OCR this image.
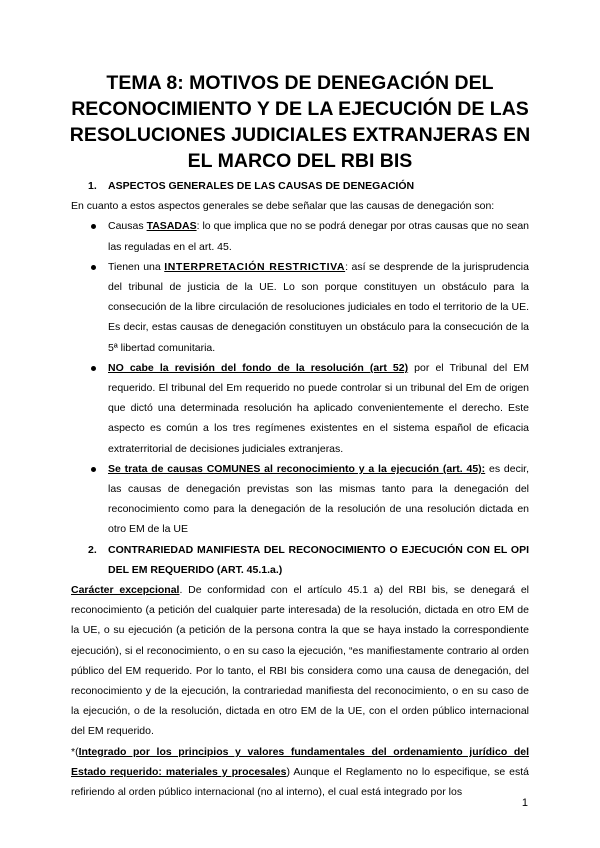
TEMA 8: MOTIVOS DE DENEGACIÓN DEL RECONOCIMIENTO Y DE LA EJECUCIÓN DE LAS RESOLUCIONES JUDICIALES EXTRANJERAS EN EL MARCO DEL RBI BIS

1.	ASPECTOS GENERALES DE LAS CAUSAS DE DENEGACIÓN

En cuanto a estos aspectos generales se debe señalar que las causas de denegación son:

Causas TASADAS: lo que implica que no se podrá denegar por otras causas que no sean las reguladas en el art. 45.
Tienen una INTERPRETACIÓN RESTRICTIVA: así se desprende de la jurisprudencia del tribunal de justicia de la UE. Lo son porque constituyen un obstáculo para la consecución de la libre circulación de resoluciones judiciales en todo el territorio de la UE. Es decir, estas causas de denegación constituyen un obstáculo para la consecución de la 5ª libertad comunitaria.
NO cabe la revisión del fondo de la resolución (art 52) por el Tribunal del EM requerido. El tribunal del Em requerido no puede controlar si un tribunal del Em de origen que dictó una determinada resolución ha aplicado convenientemente el derecho. Este aspecto es común a los tres regímenes existentes en el sistema español de eficacia extraterritorial de decisiones judiciales extranjeras.
Se trata de causas COMUNES al reconocimiento y a la ejecución (art. 45): es decir, las causas de denegación previstas son las mismas tanto para la denegación del reconocimiento como para la denegación de la resolución de una resolución dictada en otro EM de la UE

2.	CONTRARIEDAD MANIFIESTA DEL RECONOCIMIENTO O EJECUCIÓN CON EL OPI DEL EM REQUERIDO (ART. 45.1.a.)

Carácter excepcional. De conformidad con el artículo 45.1 a) del RBI bis, se denegará el reconocimiento (a petición del cualquier parte interesada) de la resolución, dictada en otro EM de la UE, o su ejecución (a petición de la persona contra la que se haya instado la correspondiente ejecución), si el reconocimiento, o en su caso la ejecución, “es manifiestamente contrario al orden público del EM requerido. Por lo tanto, el RBI bis considera como una causa de denegación, del reconocimiento y de la ejecución, la contrariedad manifiesta del reconocimiento, o en su caso de la ejecución, o de la resolución, dictada en otro EM de la UE, con el orden público internacional del EM requerido.

*(Integrado por los principios y valores fundamentales del ordenamiento jurídico del Estado requerido: materiales y procesales) Aunque el Reglamento no lo especifique, se está refiriendo al orden público internacional (no al interno), el cual está integrado por los

1
